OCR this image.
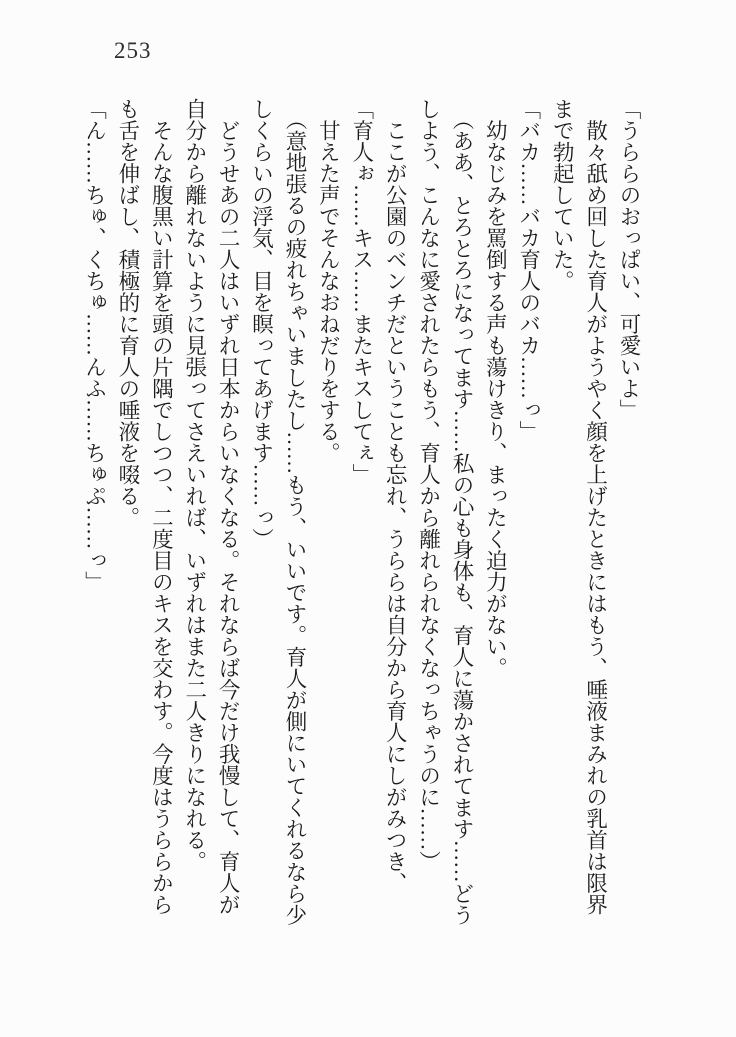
253

「うららのおっぱい、可愛いよ」

　散々舐め回した育人がようやく顔を上げたときにはもう、唾液まみれの乳首は限界

まで勃起していた。

「バカ……バカ育人のバカ……っ」

　幼なじみを罵倒する声も蕩けきり、まったく迫力がない。

　（ああ、とろとろになってます……私の心も身体も、育人に蕩かされてます……どう

しよう、こんなに愛されたらもう、育人から離れられなくなっちゃうのに……）

　ここが公園のベンチだということも忘れ、うららは自分から育人にしがみつき、

「育人ぉ……キス……またキスしてぇ」

　甘えた声でそんなおねだりをする。

　（意地張るの疲れちゃいましたし……もう、いいです。育人が側にいてくれるなら少

しくらいの浮気、目を瞑ってあげます……っ）

　どうせあの二人はいずれ日本からいなくなる。それならば今だけ我慢して、育人が

自分から離れないように見張ってさえいれば、いずれはまた二人きりになれる。

　そんな腹黒い計算を頭の片隅でしつつ、二度目のキスを交わす。今度はうららから

も舌を伸ばし、積極的に育人の唾液を啜る。

「ん……ちゅ、くちゅ……んふ……ちゅぷ……っ」
